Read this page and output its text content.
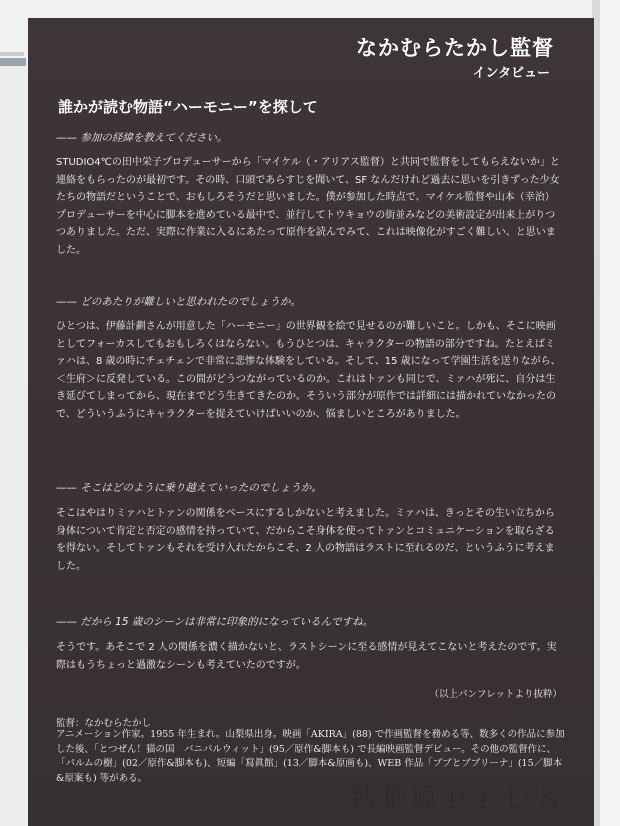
なかむらたかし監督
インタビュー
誰かが読む物語“ハーモニー”を探して
—— 参加の経緯を教えてください。

STUDIO4℃の田中栄子プロデューサーから「マイケル（・アリアス監督）と共同で監督をしてもらえないか」と連絡をもらったのが最初です。その時、口頭であらすじを聞いて、SF なんだけれど過去に思いを引きずった少女たちの物語だということで、おもしろそうだと思いました。僕が参加した時点で、マイケル監督や山本（幸治）プロデューサーを中心に脚本を進めている最中で、並行してトウキョウの街並みなどの美術設定が出来上がりつつありました。ただ、実際に作業に入るにあたって原作を読んでみて、これは映像化がすごく難しい、と思いました。

—— どのあたりが難しいと思われたのでしょうか。

ひとつは、伊藤計劃さんが用意した「ハーモニー」の世界観を絵で見せるのが難しいこと。しかも、そこに映画としてフォーカスしてもおもしろくはならない。もうひとつは、キャラクターの物語の部分ですね。たとえばミァハは、8 歳の時にチェチェンで非常に悲惨な体験をしている。そして、15 歳になって学園生活を送りながら、＜生府＞に反発している。この間がどうつながっているのか。これはトァンも同じで、ミァハが死に、自分は生き延びてしまってから、現在までどう生きてきたのか。そういう部分が原作では詳細には描かれていなかったので、どういうふうにキャラクターを捉えていけばいいのか、悩ましいところがありました。

—— そこはどのように乗り越えていったのでしょうか。

そこはやはりミァハとトァンの関係をベースにするしかないと考えました。ミァハは、きっとその生い立ちから身体について肯定と否定の感情を持っていて、だからこそ身体を使ってトァンとコミュニケーションを取らざるを得ない。そしてトァンもそれを受け入れたからこそ、2 人の物語はラストに至れるのだ、というふうに考えました。

—— だから 15 歳のシーンは非常に印象的になっているんですね。

そうです。あそこで 2 人の関係を濃く描かないと、ラストシーンに至る感情が見えてこないと考えたのです。実際はもうちょっと過激なシーンも考えていたのですが。

（以上パンフレットより抜粋）
監督：なかむらたかし

アニメーション作家。1955 年生まれ。山梨県出身。映画「AKIRA」(88) で作画監督を務める等、数多くの作品に参加した後、「とつぜん！猫の国　バニパルウィット」(95／原作&脚本も) で長編映画監督デビュー。その他の監督作に、「パルムの樹」(02／原作&脚本も)、短編「寫眞館」(13／脚本&原画も)、WEB 作品「ブブとブブリーナ」(15／脚本&原案も) 等がある。

秋葉原ＰＬＵＳ
